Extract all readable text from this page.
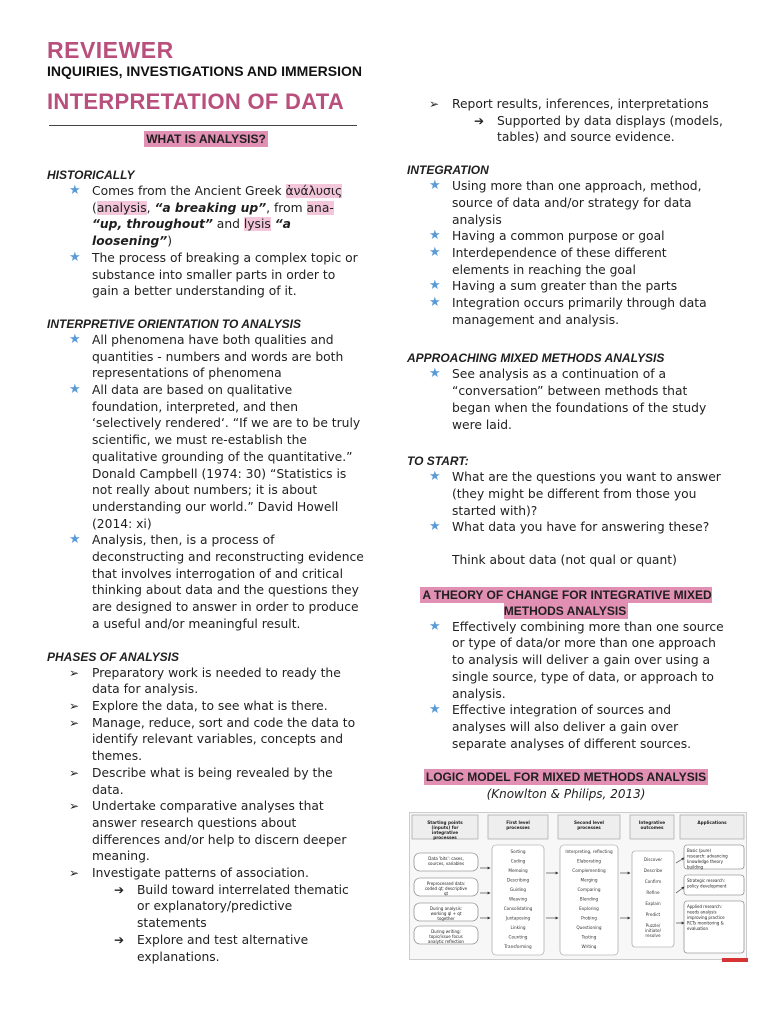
REVIEWER
INQUIRIES, INVESTIGATIONS AND IMMERSION
INTERPRETATION OF DATA

WHAT IS ANALYSIS?

HISTORICALLY

★ Comes from the Ancient Greek ἀνάλυσις (analysis, “a breaking up”, from ana- “up, throughout” and lysis “a loosening”)
★ The process of breaking a complex topic or substance into smaller parts in order to gain a better understanding of it.

INTERPRETIVE ORIENTATION TO ANALYSIS

★ All phenomena have both qualities and quantities - numbers and words are both representations of phenomena
★ All data are based on qualitative foundation, interpreted, and then ‘selectively rendered‘. “If we are to be truly scientific, we must re-establish the qualitative grounding of the quantitative.” Donald Campbell (1974: 30) “Statistics is not really about numbers; it is about understanding our world.” David Howell (2014: xi)
★ Analysis, then, is a process of deconstructing and reconstructing evidence that involves interrogation of and critical thinking about data and the questions they are designed to answer in order to produce a useful and/or meaningful result.

PHASES OF ANALYSIS

➢ Preparatory work is needed to ready the data for analysis.
➢ Explore the data, to see what is there.
➢ Manage, reduce, sort and code the data to identify relevant variables, concepts and themes.
➢ Describe what is being revealed by the data.
➢ Undertake comparative analyses that answer research questions about differences and/or help to discern deeper meaning.
➢ Investigate patterns of association.
➔ Build toward interrelated thematic or explanatory/predictive statements
➔ Explore and test alternative explanations.
➢ Report results, inferences, interpretations
➔ Supported by data displays (models, tables) and source evidence.

INTEGRATION

★ Using more than one approach, method, source of data and/or strategy for data analysis
★ Having a common purpose or goal
★ Interdependence of these different elements in reaching the goal
★ Having a sum greater than the parts
★ Integration occurs primarily through data management and analysis.

APPROACHING MIXED METHODS ANALYSIS

★ See analysis as a continuation of a “conversation” between methods that began when the foundations of the study were laid.

TO START:

★ What are the questions you want to answer (they might be different from those you started with)?
★ What data you have for answering these?
Think about data (not qual or quant)

A THEORY OF CHANGE FOR INTEGRATIVE MIXED METHODS ANALYSIS

★ Effectively combining more than one source or type of data/or more than one approach to analysis will deliver a gain over using a single source, type of data, or approach to analysis.
★ Effective integration of sources and analyses will also deliver a gain over separate analyses of different sources.

LOGIC MODEL FOR MIXED METHODS ANALYSIS

(Knowlton & Philips, 2013)
Starting points
(inputs) for
integrative
processes
First level
processes
Second level
processes
Integrative
outcomes
Applications
Data 'bits': cases,
sources, variables
Preprocessed data:
coded qt; descriptive
qt
During analysis:
working ql + qt
together
During writing:
topic/issue focus
analytic reflection
Sorting
Coding
Memoing
Describing
Guiding
Weaving
Consolidating
Juxtaposing
Linking
Counting
Transforming
Interpreting, reflecting
Elaborating
Complementing
Merging
Comparing
Blending
Exploring
Probing
Questioning
Testing
Writing
Discover
Describe
Confirm
Refine
Explain
Predict
Puzzle/
initiate/
resolve
Basic (pure)
research: advancing
knowledge theory
building
Strategic research:
policy development
Applied research:
needs analysis
improving practice
RCTs monitoring &
evaluation
